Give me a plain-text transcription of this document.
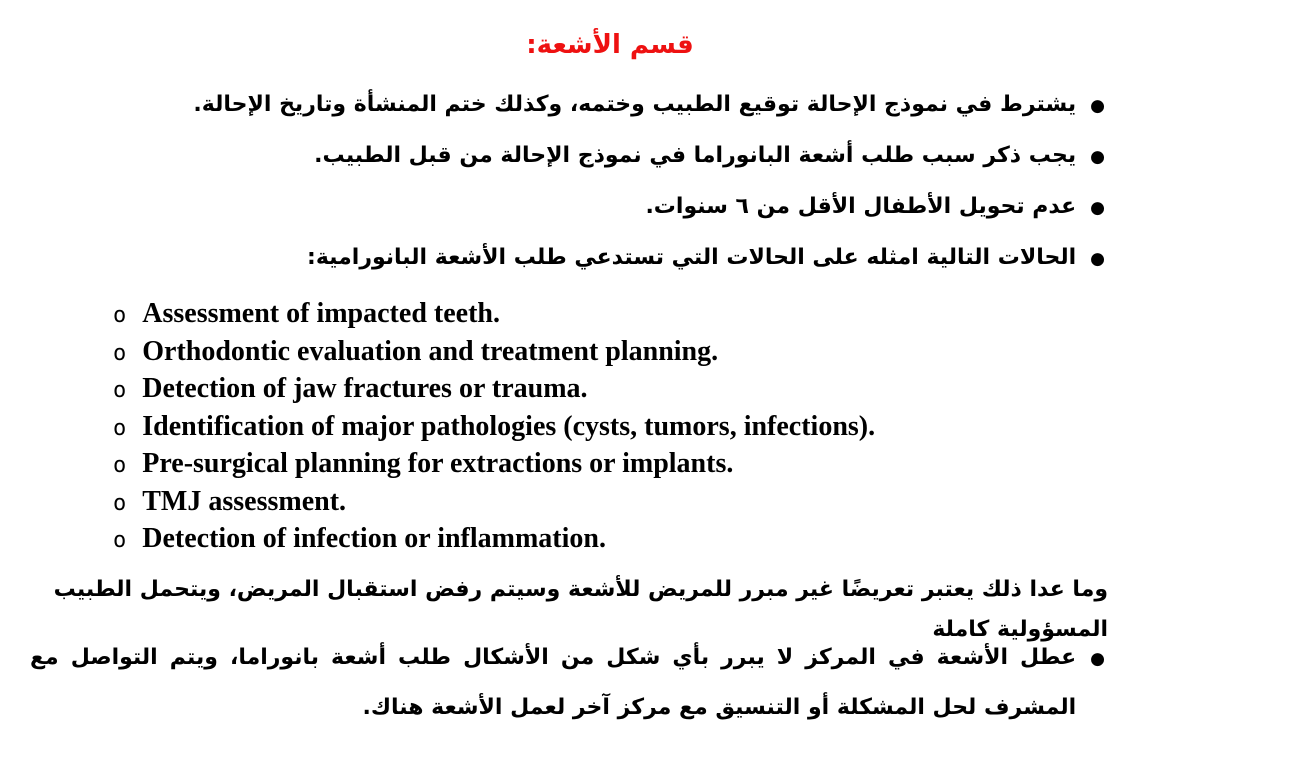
قسم الأشعة:
●
يشترط في نموذج الإحالة توقيع الطبيب وختمه، وكذلك ختم المنشأة وتاريخ الإحالة.
●
يجب ذكر سبب طلب أشعة البانوراما في نموذج الإحالة من قبل الطبيب.
●
عدم تحويل الأطفال الأقل من ٦ سنوات.
●
الحالات التالية امثله على الحالات التي تستدعي طلب الأشعة البانورامية:
o Assessment of impacted teeth.
o Orthodontic evaluation and treatment planning.
o Detection of jaw fractures or trauma.
o Identification of major pathologies (cysts, tumors, infections).
o Pre-surgical planning for extractions or implants.
o TMJ assessment.
o Detection of infection or inflammation.
وما عدا ذلك يعتبر تعريضًا غير مبرر للمريض للأشعة وسيتم رفض استقبال المريض، ويتحمل الطبيب المسؤولية كاملة
●
عطل الأشعة في المركز لا يبرر بأي شكل من الأشكال طلب أشعة بانوراما، ويتم التواصل مع المشرف لحل المشكلة أو التنسيق مع مركز آخر لعمل الأشعة هناك.
